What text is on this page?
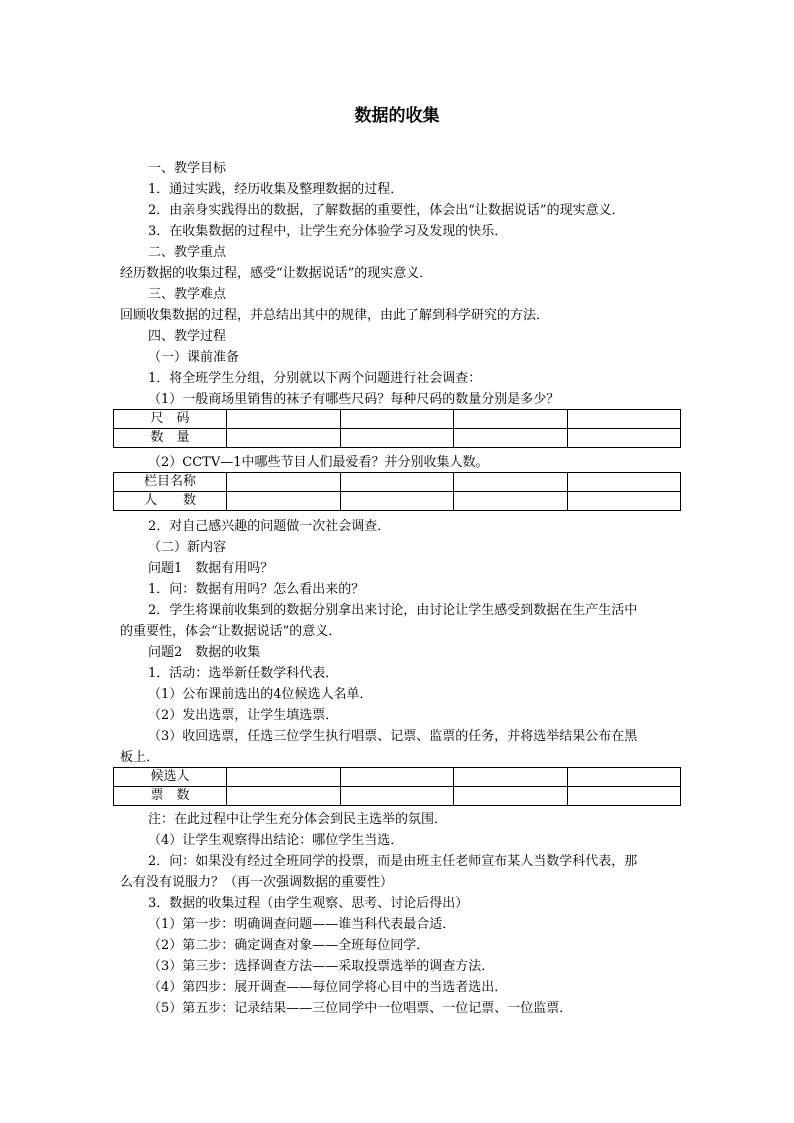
数据的收集
一、教学目标
1．通过实践，经历收集及整理数据的过程．
2．由亲身实践得出的数据，了解数据的重要性，体会出“让数据说话”的现实意义．
3．在收集数据的过程中，让学生充分体验学习及发现的快乐．
二、教学重点
经历数据的收集过程，感受“让数据说话”的现实意义．
三、教学难点
回顾收集数据的过程，并总结出其中的规律，由此了解到科学研究的方法．
四、教学过程
（一）课前准备
1．将全班学生分组，分别就以下两个问题进行社会调查：
（1）一般商场里销售的袜子有哪些尺码？每种尺码的数量分别是多少？
尺　码				
数　量				
（2）CCTV—1中哪些节目人们最爱看？并分别收集人数。
栏目名称				
人　　数				
2．对自己感兴趣的问题做一次社会调查．
（二）新内容
问题1　数据有用吗？
1．问：数据有用吗？怎么看出来的？
2．学生将课前收集到的数据分别拿出来讨论，由讨论让学生感受到数据在生产生活中
的重要性，体会“让数据说话”的意义．
问题2　数据的收集
1．活动：选举新任数学科代表．
（1）公布课前选出的4位候选人名单．
（2）发出选票，让学生填选票．
（3）收回选票，任选三位学生执行唱票、记票、监票的任务，并将选举结果公布在黑
板上．
候选人				
票　数				
注：在此过程中让学生充分体会到民主选举的氛围．
（4）让学生观察得出结论：哪位学生当选．
2．问：如果没有经过全班同学的投票，而是由班主任老师宣布某人当数学科代表，那
么有没有说服力？（再一次强调数据的重要性）
3．数据的收集过程（由学生观察、思考、讨论后得出）
（1）第一步：明确调查问题——谁当科代表最合适．
（2）第二步：确定调查对象——全班每位同学．
（3）第三步：选择调查方法——采取投票选举的调查方法．
（4）第四步：展开调查——每位同学将心目中的当选者选出．
（5）第五步：记录结果——三位同学中一位唱票、一位记票、一位监票．
